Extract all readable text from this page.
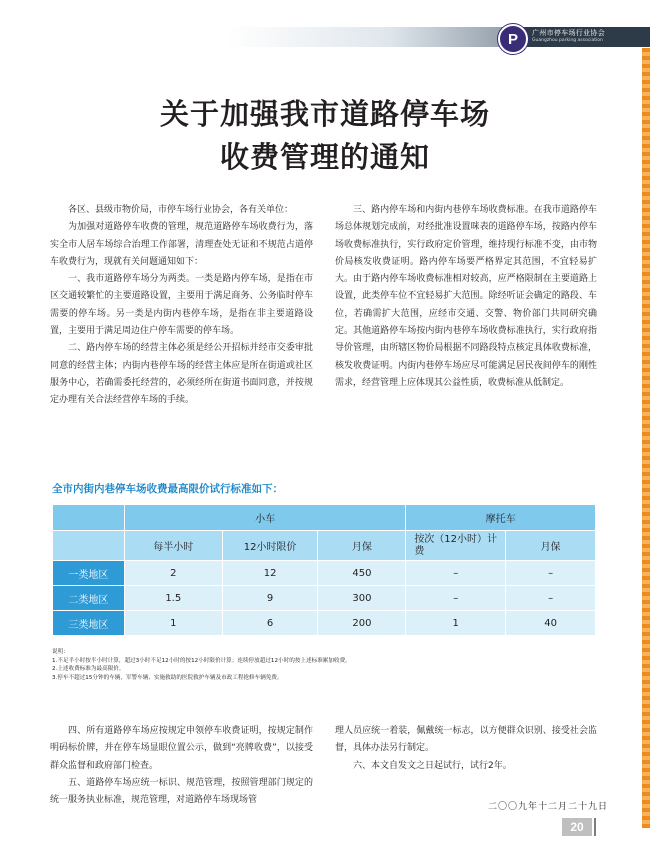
P	广州市停车场行业协会
Guangzhou parking association
关于加强我市道路停车场
收费管理的通知

各区、县级市物价局，市停车场行业协会，各有关单位：

为加强对道路停车收费的管理，规范道路停车场收费行为，落实全市人居车场综合治理工作部署，清理查处无证和不规范占道停车收费行为，现就有关问题通知如下：

一、我市道路停车场分为两类。一类是路内停车场，是指在市区交通较繁忙的主要道路设置，主要用于满足商务、公务临时停车需要的停车场。另一类是内街内巷停车场，是指在非主要道路设置，主要用于满足周边住户停车需要的停车场。

二、路内停车场的经营主体必须是经公开招标并经市交委审批同意的经营主体；内街内巷停车场的经营主体应是所在街道或社区服务中心，若确需委托经营的，必须经所在街道书面同意，并按规定办理有关合法经营停车场的手续。

三、路内停车场和内街内巷停车场收费标准。在我市道路停车场总体规划完成前，对经批准设置咪表的道路停车场，按路内停车场收费标准执行，实行政府定价管理，维持现行标准不变，由市物价局核发收费证明。路内停车场要严格界定其范围，不宜轻易扩大。由于路内停车场收费标准相对较高，应严格限制在主要道路上设置，此类停车位不宜轻易扩大范围。除经听证会确定的路段、车位，若确需扩大范围，应经市交通、交警、物价部门共同研究确定。其他道路停车场按内街内巷停车场收费标准执行，实行政府指导价管理，由所辖区物价局根据不同路段特点核定具体收费标准，核发收费证明。内街内巷停车场应尽可能满足居民夜间停车的刚性需求，经营管理上应体现其公益性质，收费标准从低制定。

全市内街内巷停车场收费最高限价试行标准如下：
	小车			摩托车	
	每半小时	12小时限价	月保	按次（12小时）计费	月保
一类地区	2	12	450	–	–
二类地区	1.5	9	300	–	–
三类地区	1	6	200	1	40
说明：
1.不足半小时按半小时计算，超过3小时不足12小时的按12小时限价计算；连续停放超过12小时的按上述标准累加收费。
2.上述收费标准为最高限价。
3.停车不超过15分钟的车辆，军警车辆、实施救助的医院救护车辆及市政工程抢修车辆免费。

四、所有道路停车场应按规定申领停车收费证明，按规定制作明码标价牌，并在停车场显眼位置公示，做到“亮牌收费”，以接受群众监督和政府部门检查。

五、道路停车场应统一标识、规范管理，按照管理部门规定的统一服务执业标准，规范管理，对道路停车场现场管

理人员应统一着装，佩戴统一标志，以方便群众识别、接受社会监督，具体办法另行制定。

六、本文自发文之日起试行，试行2年。

二〇〇九年十二月二十九日
20
